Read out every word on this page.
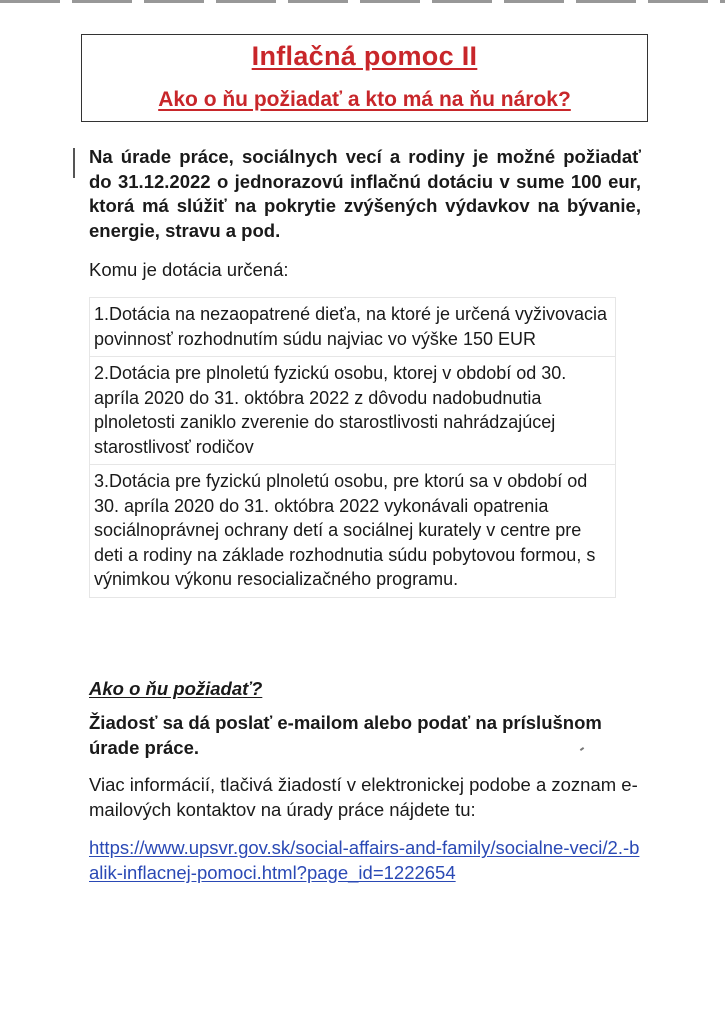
Inflačná pomoc II
Ako o ňu požiadať a kto má na ňu nárok?
Na úrade práce, sociálnych vecí a rodiny je možné požiadať do 31.12.2022 o jednorazovú inflačnú dotáciu v sume 100 eur, ktorá má slúžiť na pokrytie zvýšených výdavkov na bývanie, energie, stravu a pod.
Komu je dotácia určená:
1.Dotácia na nezaopatrené dieťa, na ktoré je určená vyživovacia povinnosť rozhodnutím súdu najviac vo výške 150 EUR
2.Dotácia pre plnoletú fyzickú osobu, ktorej v období od 30. apríla 2020 do 31. októbra 2022 z dôvodu nadobudnutia plnoletosti zaniklo zverenie do starostlivosti nahrádzajúcej starostlivosť rodičov
3.Dotácia pre fyzickú plnoletú osobu, pre ktorú sa v období od 30. apríla 2020 do 31. októbra 2022 vykonávali opatrenia sociálnoprávnej ochrany detí a sociálnej kurately v centre pre deti a rodiny na základe rozhodnutia súdu pobytovou formou, s výnimkou výkonu resocializačného programu.
Ako o ňu požiadať?
Žiadosť sa dá poslať e-mailom alebo podať na príslušnom úrade práce.
Viac informácií, tlačivá žiadostí v elektronickej podobe a zoznam e-mailových kontaktov na úrady práce nájdete tu:
https://www.upsvr.gov.sk/social-affairs-and-family/socialne-veci/2.-balik-inflacnej-pomoci.html?page_id=1222654
